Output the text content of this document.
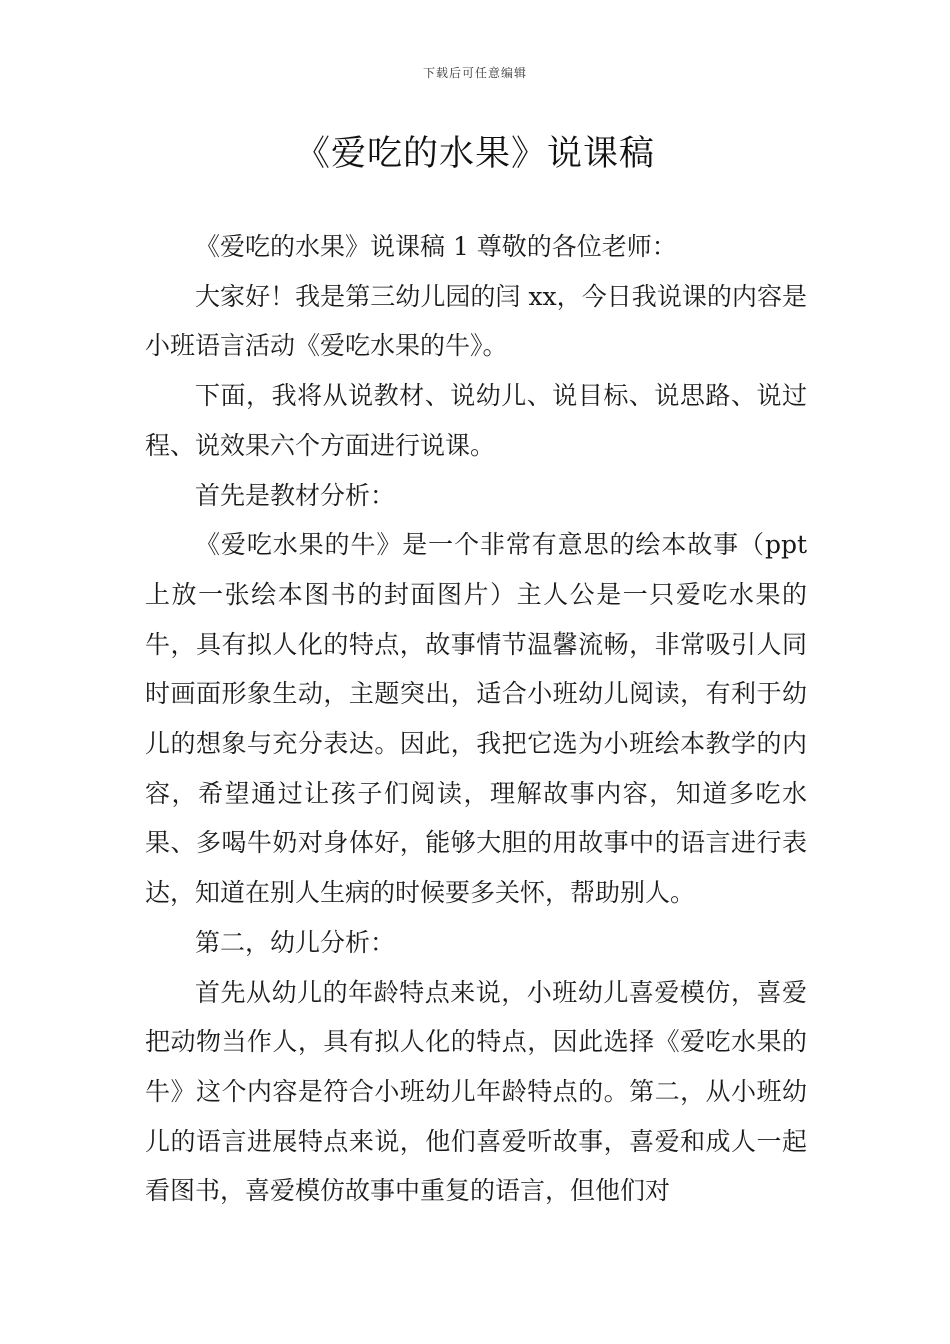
下载后可任意编辑
《爱吃的水果》说课稿

《爱吃的水果》说课稿 1 尊敬的各位老师：

大家好！我是第三幼儿园的闫 xx，今日我说课的内容是小班语言活动《爱吃水果的牛》。

下面，我将从说教材、说幼儿、说目标、说思路、说过程、说效果六个方面进行说课。

首先是教材分析：

《爱吃水果的牛》是一个非常有意思的绘本故事（ppt 上放一张绘本图书的封面图片）主人公是一只爱吃水果的牛，具有拟人化的特点，故事情节温馨流畅，非常吸引人同时画面形象生动，主题突出，适合小班幼儿阅读，有利于幼儿的想象与充分表达。因此，我把它选为小班绘本教学的内容，希望通过让孩子们阅读，理解故事内容，知道多吃水果、多喝牛奶对身体好，能够大胆的用故事中的语言进行表达，知道在别人生病的时候要多关怀，帮助别人。

第二，幼儿分析：

首先从幼儿的年龄特点来说，小班幼儿喜爱模仿，喜爱把动物当作人，具有拟人化的特点，因此选择《爱吃水果的牛》这个内容是符合小班幼儿年龄特点的。第二，从小班幼儿的语言进展特点来说，他们喜爱听故事，喜爱和成人一起看图书，喜爱模仿故事中重复的语言，但他们对
